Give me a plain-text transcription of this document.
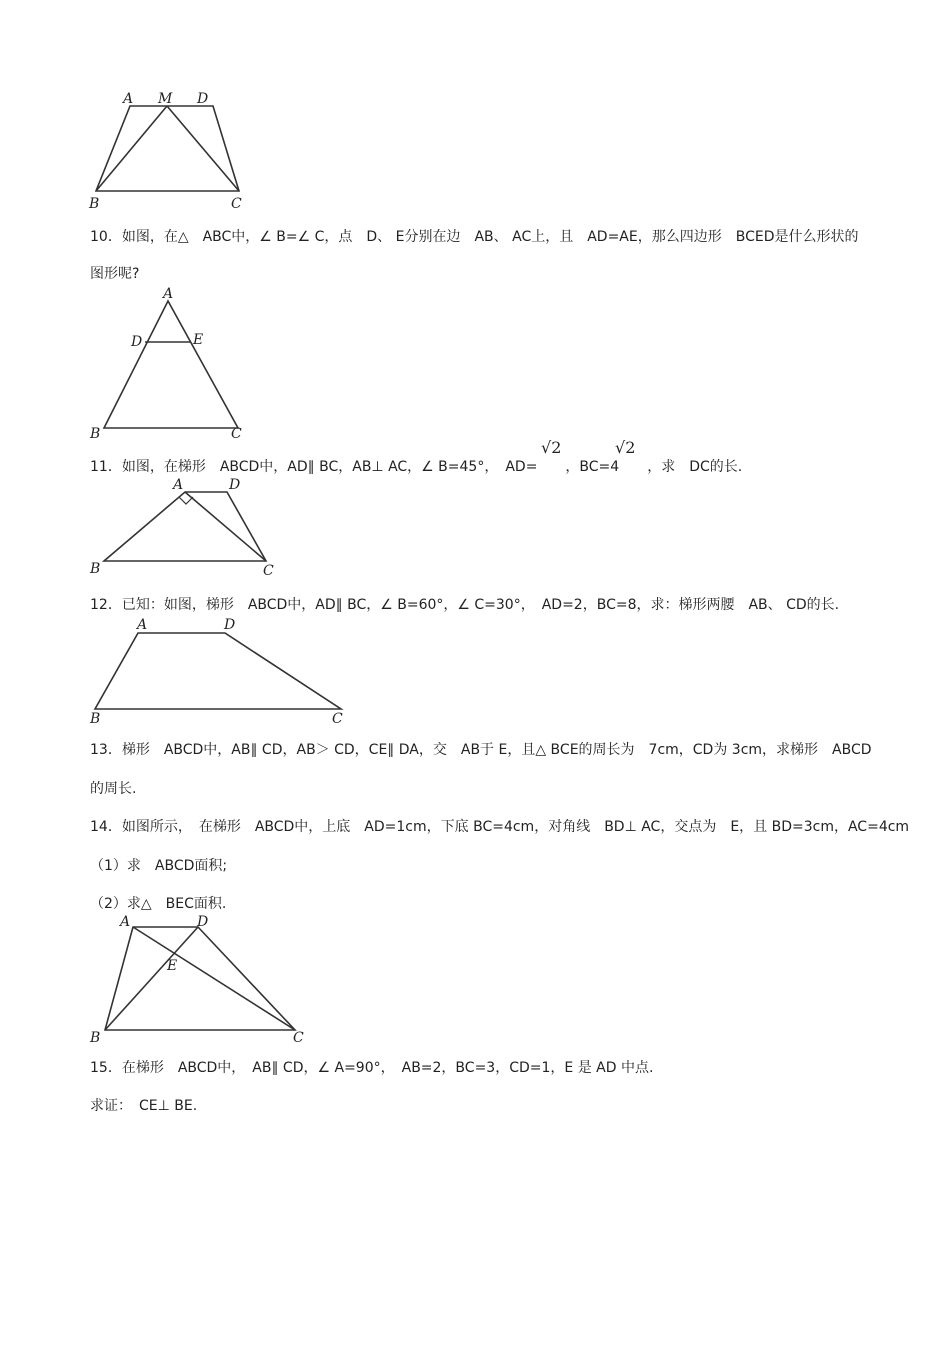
A M D
B	C
10．如图，在△　ABC中，∠ B=∠ C，点　D、 E分别在边　AB、 AC上，且　AD=AE，那么四边形　BCED是什么形状的
图形呢?
A
D	E
B	C
11．如图，在梯形　ABCD中，AD∥ BC，AB⊥ AC，∠ B=45°，　AD=　　，BC=4　　，求　DC的长.
√2	√2
A	D
B	C
12．已知：如图，梯形　ABCD中，AD∥ BC，∠ B=60°，∠ C=30°，　AD=2，BC=8，求：梯形两腰　AB、 CD的长.
A	D
B	C
13．梯形　ABCD中，AB∥ CD，AB＞ CD，CE∥ DA，交　AB于 E，且△ BCE的周长为　7cm，CD为 3cm，求梯形　ABCD
的周长.
14．如图所示，　在梯形　ABCD中，上底　AD=1cm，下底 BC=4cm，对角线　BD⊥ AC，交点为　E，且 BD=3cm，AC=4cm
（1）求　ABCD面积;
（2）求△　BEC面积.
A	D
E
B	C
15．在梯形　ABCD中，　AB∥ CD，∠ A=90°，　AB=2，BC=3，CD=1，E 是 AD 中点.
求证：　CE⊥ BE.
